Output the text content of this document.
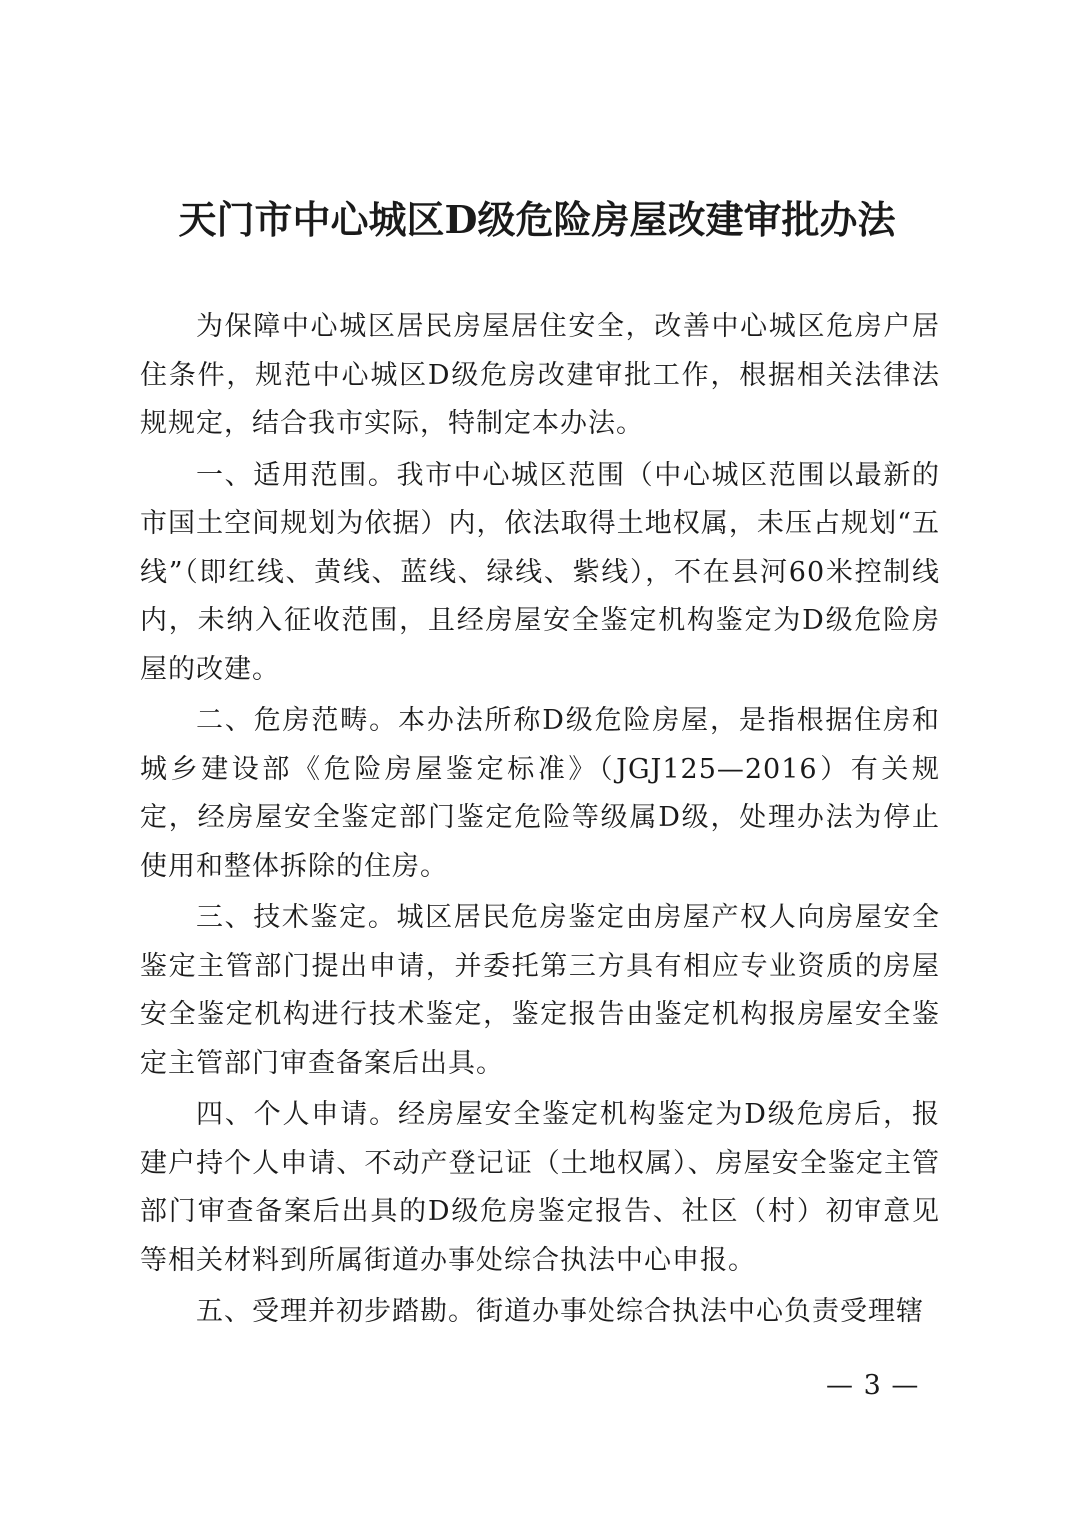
天门市中心城区D级危险房屋改建审批办法

为保障中心城区居民房屋居住安全，改善中心城区危房户居住条件，规范中心城区D级危房改建审批工作，根据相关法律法规规定，结合我市实际，特制定本办法。

一、适用范围。我市中心城区范围（中心城区范围以最新的市国土空间规划为依据）内，依法取得土地权属，未压占规划“五线”（即红线、黄线、蓝线、绿线、紫线），不在县河60米控制线内，未纳入征收范围，且经房屋安全鉴定机构鉴定为D级危险房屋的改建。

二、危房范畴。本办法所称D级危险房屋，是指根据住房和城乡建设部《危险房屋鉴定标准》（JGJ125—2016）有关规定，经房屋安全鉴定部门鉴定危险等级属D级，处理办法为停止使用和整体拆除的住房。

三、技术鉴定。城区居民危房鉴定由房屋产权人向房屋安全鉴定主管部门提出申请，并委托第三方具有相应专业资质的房屋安全鉴定机构进行技术鉴定，鉴定报告由鉴定机构报房屋安全鉴定主管部门审查备案后出具。

四、个人申请。经房屋安全鉴定机构鉴定为D级危房后，报建户持个人申请、不动产登记证（土地权属）、房屋安全鉴定主管部门审查备案后出具的D级危房鉴定报告、社区（村）初审意见等相关材料到所属街道办事处综合执法中心申报。

五、受理并初步踏勘。街道办事处综合执法中心负责受理辖

— 3 —
